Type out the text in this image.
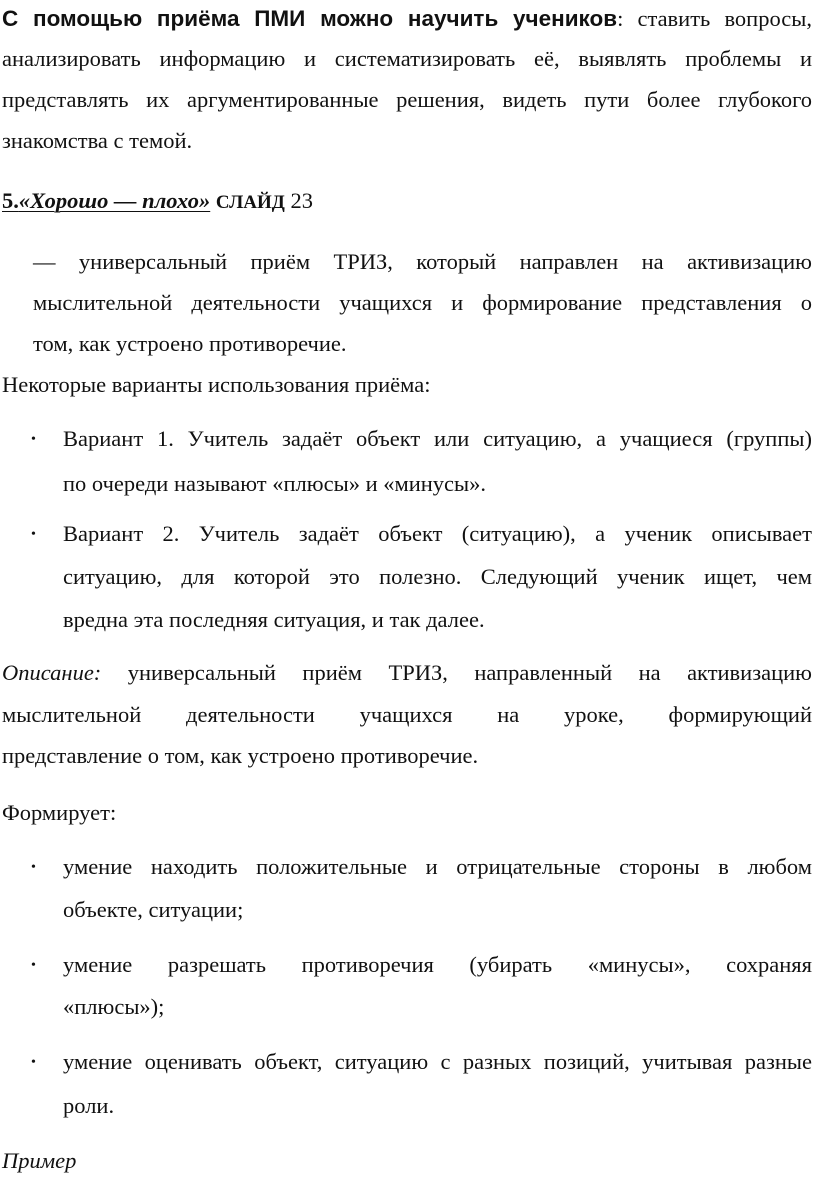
С помощью приёма ПМИ можно научить учеников: ставить вопросы,
анализировать информацию и систематизировать её, выявлять проблемы и
представлять их аргументированные решения, видеть пути более глубокого
знакомства с темой.
5.«Хорошо — плохо» СЛАЙД 23
— универсальный приём ТРИЗ, который направлен на активизацию
мыслительной деятельности учащихся и формирование представления о
том, как устроено противоречие.
Некоторые варианты использования приёма:
• Вариант 1. Учитель задаёт объект или ситуацию, а учащиеся (группы)
по очереди называют «плюсы» и «минусы».
• Вариант 2. Учитель задаёт объект (ситуацию), а ученик описывает
ситуацию, для которой это полезно. Следующий ученик ищет, чем
вредна эта последняя ситуация, и так далее.
Описание: универсальный приём ТРИЗ, направленный на активизацию
мыслительной деятельности учащихся на уроке, формирующий
представление о том, как устроено противоречие.
Формирует:
• умение находить положительные и отрицательные стороны в любом
объекте, ситуации;
• умение разрешать противоречия (убирать «минусы», сохраняя
«плюсы»);
• умение оценивать объект, ситуацию с разных позиций, учитывая разные
роли.
Пример
